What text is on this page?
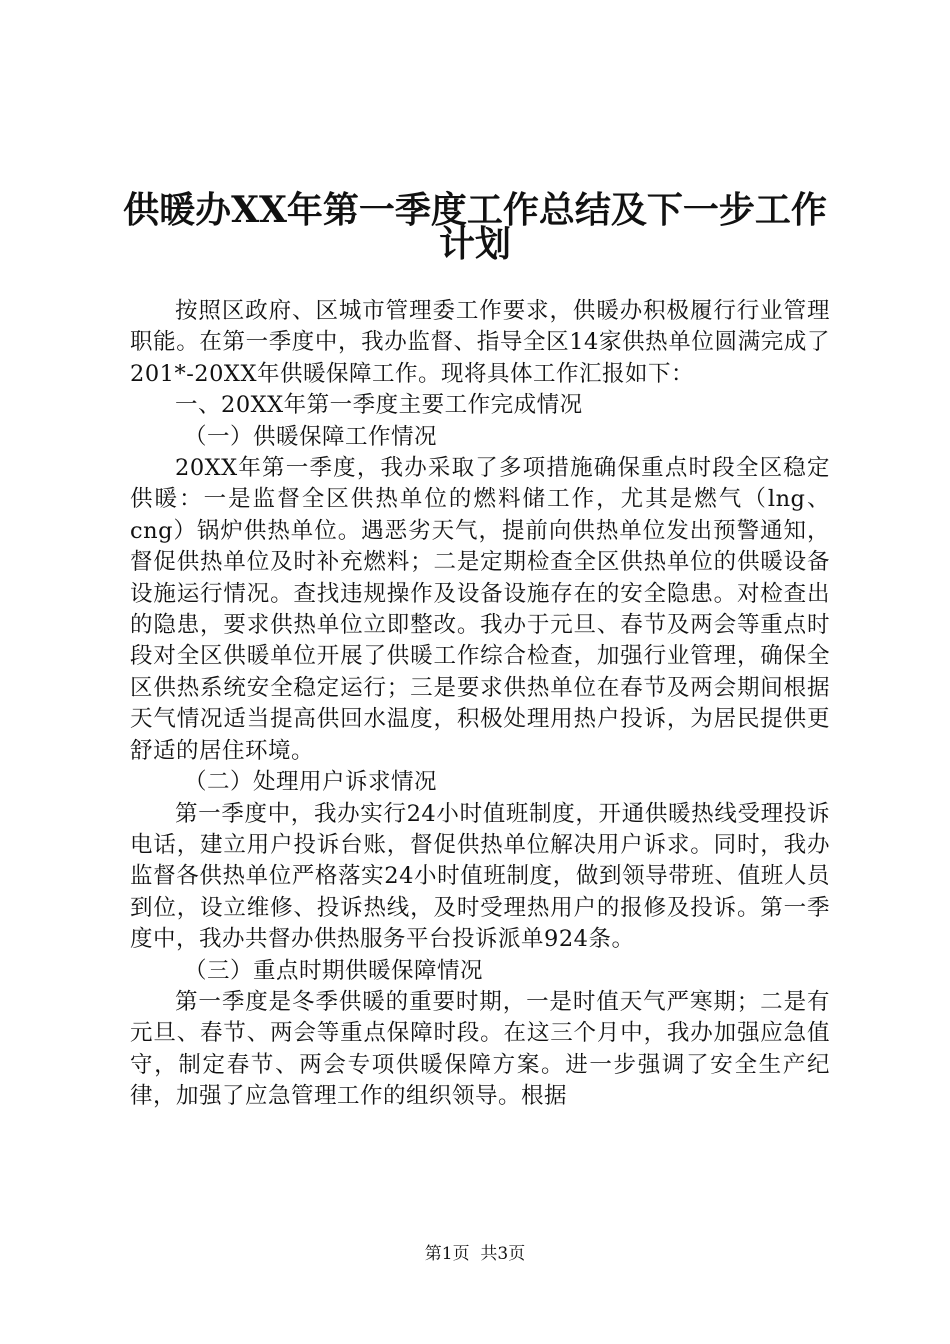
供暖办XX年第一季度工作总结及下一步工作
计划

按照区政府、区城市管理委工作要求，供暖办积极履行行业管理职能。在第一季度中，我办监督、指导全区14家供热单位圆满完成了201*-20XX年供暖保障工作。现将具体工作汇报如下：

一、20XX年第一季度主要工作完成情况

（一）供暖保障工作情况

20XX年第一季度，我办采取了多项措施确保重点时段全区稳定供暖：一是监督全区供热单位的燃料储工作，尤其是燃气（lng、cng）锅炉供热单位。遇恶劣天气，提前向供热单位发出预警通知，督促供热单位及时补充燃料；二是定期检查全区供热单位的供暖设备设施运行情况。查找违规操作及设备设施存在的安全隐患。对检查出的隐患，要求供热单位立即整改。我办于元旦、春节及两会等重点时段对全区供暖单位开展了供暖工作综合检查，加强行业管理，确保全区供热系统安全稳定运行；三是要求供热单位在春节及两会期间根据天气情况适当提高供回水温度，积极处理用热户投诉，为居民提供更舒适的居住环境。

（二）处理用户诉求情况

第一季度中，我办实行24小时值班制度，开通供暖热线受理投诉电话，建立用户投诉台账，督促供热单位解决用户诉求。同时，我办监督各供热单位严格落实24小时值班制度，做到领导带班、值班人员到位，设立维修、投诉热线，及时受理热用户的报修及投诉。第一季度中，我办共督办供热服务平台投诉派单924条。

（三）重点时期供暖保障情况

第一季度是冬季供暖的重要时期，一是时值天气严寒期；二是有元旦、春节、两会等重点保障时段。在这三个月中，我办加强应急值守，制定春节、两会专项供暖保障方案。进一步强调了安全生产纪律，加强了应急管理工作的组织领导。根据

第1页  共3页
